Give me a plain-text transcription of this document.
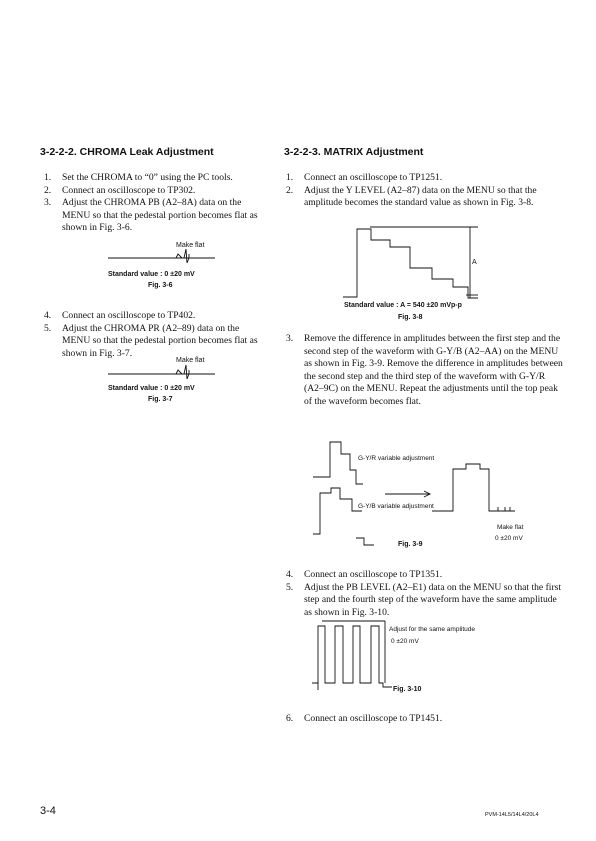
3-2-2-2. CHROMA Leak Adjustment
1. Set the CHROMA to “0” using the PC tools.
2. Connect an oscilloscope to TP302.
3. Adjust the CHROMA PB (A2–8A) data on the MENU so that the pedestal portion becomes flat as shown in Fig. 3-6.
Make flat
Standard value : 0 ±20 mV
Fig. 3-6
4. Connect an oscilloscope to TP402.
5. Adjust the CHROMA PR (A2–89) data on the MENU so that the pedestal portion becomes flat as shown in Fig. 3-7.
Make flat
Standard value : 0 ±20 mV
Fig. 3-7
3-2-2-3. MATRIX Adjustment
1. Connect an oscilloscope to TP1251.
2. Adjust the Y LEVEL (A2–87) data on the MENU so that the amplitude becomes the standard value as shown in Fig. 3-8.
A
Standard value : A = 540 ±20 mVp-p
Fig. 3-8
3. Remove the difference in amplitudes between the first step and the second step of the waveform with G-Y/B (A2–AA) on the MENU as shown in Fig. 3-9. Remove the difference in amplitudes between the second step and the third step of the waveform with G-Y/R (A2–9C) on the MENU. Repeat the adjustments until the top peak of the waveform becomes flat.
G-Y/R variable adjustment
G-Y/B variable adjustment
Make flat
0 ±20 mV
Fig. 3-9
4. Connect an oscilloscope to TP1351.
5. Adjust the PB LEVEL (A2–E1) data on the MENU so that the first step and the fourth step of the waveform have the same amplitude as shown in Fig. 3-10.
Adjust for the same amplitude
0 ±20 mV
Fig. 3-10
6. Connect an oscilloscope to TP1451.
3-4	PVM-14L5/14L4/20L4
